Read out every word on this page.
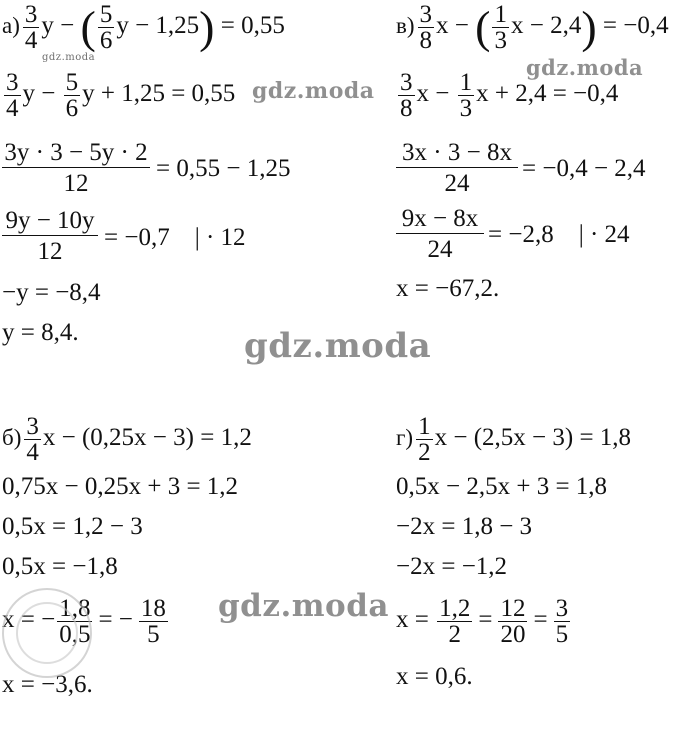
$а) \frac{3}{4}$ y − ( $\frac{5}{6}$ y − 1,25) = 0,55
$\frac{3}{4}$ $y - \frac{5}{6}$ y + 1,25 = 0,55
3y · 3 − 5y · 2
12
= 0,55 − 1,25
9y − 10y
12
= −0,7    | · 12
−y = −8,4
y = 8,4.
$в) \frac{3}{8}$ x − ( $\frac{1}{3}$ x − 2,4) = −0,4
$\frac{3}{8}$ $x - \frac{1}{3}$ x + 2,4 = −0,4
3x · 3 − 8x
24
= −0,4 − 2,4
9x − 8x
24
= −2,8    | · 24
x = −67,2.
$б) \frac{3}{4}$ x − (0,25x − 3) = 1,2
0,75x − 0,25x + 3 = 1,2
0,5x = 1,2 − 3
0,5x = −1,8
x = − $\frac{1,8}{0,5}$ = − $\frac{18}{5}$
x = −3,6.
$г) \frac{1}{2}$ x − (2,5x − 3) = 1,8
0,5x − 2,5x + 3 = 1,8
−2x = 1,8 − 3
−2x = −1,2
$x = \frac{1,2}{2} = \frac{12}{20} = \frac{3}{5}$
x = 0,6.
gdz.moda
gdz.moda
gdz.moda
gdz.moda
gdz.moda
